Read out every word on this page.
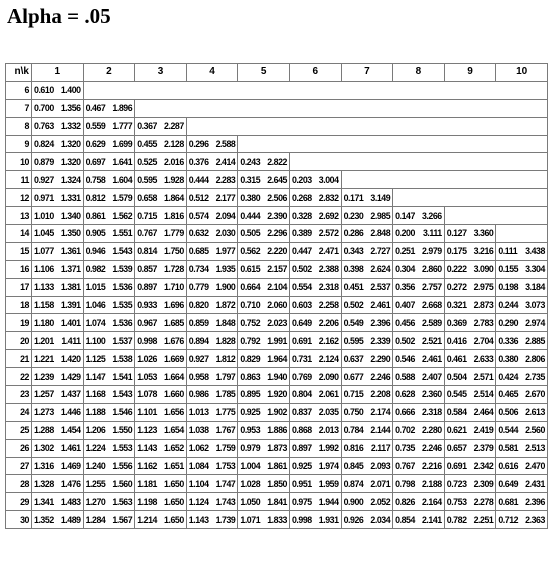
Alpha = .05
n\k	1		2		3		4		5		6		7		8		9		10	
6	0.610	1.400																		
7	0.700	1.356	0.467	1.896																
8	0.763	1.332	0.559	1.777	0.367	2.287														
9	0.824	1.320	0.629	1.699	0.455	2.128	0.296	2.588												
10	0.879	1.320	0.697	1.641	0.525	2.016	0.376	2.414	0.243	2.822										
11	0.927	1.324	0.758	1.604	0.595	1.928	0.444	2.283	0.315	2.645	0.203	3.004								
12	0.971	1.331	0.812	1.579	0.658	1.864	0.512	2.177	0.380	2.506	0.268	2.832	0.171	3.149						
13	1.010	1.340	0.861	1.562	0.715	1.816	0.574	2.094	0.444	2.390	0.328	2.692	0.230	2.985	0.147	3.266				
14	1.045	1.350	0.905	1.551	0.767	1.779	0.632	2.030	0.505	2.296	0.389	2.572	0.286	2.848	0.200	3.111	0.127	3.360		
15	1.077	1.361	0.946	1.543	0.814	1.750	0.685	1.977	0.562	2.220	0.447	2.471	0.343	2.727	0.251	2.979	0.175	3.216	0.111	3.438
16	1.106	1.371	0.982	1.539	0.857	1.728	0.734	1.935	0.615	2.157	0.502	2.388	0.398	2.624	0.304	2.860	0.222	3.090	0.155	3.304
17	1.133	1.381	1.015	1.536	0.897	1.710	0.779	1.900	0.664	2.104	0.554	2.318	0.451	2.537	0.356	2.757	0.272	2.975	0.198	3.184
18	1.158	1.391	1.046	1.535	0.933	1.696	0.820	1.872	0.710	2.060	0.603	2.258	0.502	2.461	0.407	2.668	0.321	2.873	0.244	3.073
19	1.180	1.401	1.074	1.536	0.967	1.685	0.859	1.848	0.752	2.023	0.649	2.206	0.549	2.396	0.456	2.589	0.369	2.783	0.290	2.974
20	1.201	1.411	1.100	1.537	0.998	1.676	0.894	1.828	0.792	1.991	0.691	2.162	0.595	2.339	0.502	2.521	0.416	2.704	0.336	2.885
21	1.221	1.420	1.125	1.538	1.026	1.669	0.927	1.812	0.829	1.964	0.731	2.124	0.637	2.290	0.546	2.461	0.461	2.633	0.380	2.806
22	1.239	1.429	1.147	1.541	1.053	1.664	0.958	1.797	0.863	1.940	0.769	2.090	0.677	2.246	0.588	2.407	0.504	2.571	0.424	2.735
23	1.257	1.437	1.168	1.543	1.078	1.660	0.986	1.785	0.895	1.920	0.804	2.061	0.715	2.208	0.628	2.360	0.545	2.514	0.465	2.670
24	1.273	1.446	1.188	1.546	1.101	1.656	1.013	1.775	0.925	1.902	0.837	2.035	0.750	2.174	0.666	2.318	0.584	2.464	0.506	2.613
25	1.288	1.454	1.206	1.550	1.123	1.654	1.038	1.767	0.953	1.886	0.868	2.013	0.784	2.144	0.702	2.280	0.621	2.419	0.544	2.560
26	1.302	1.461	1.224	1.553	1.143	1.652	1.062	1.759	0.979	1.873	0.897	1.992	0.816	2.117	0.735	2.246	0.657	2.379	0.581	2.513
27	1.316	1.469	1.240	1.556	1.162	1.651	1.084	1.753	1.004	1.861	0.925	1.974	0.845	2.093	0.767	2.216	0.691	2.342	0.616	2.470
28	1.328	1.476	1.255	1.560	1.181	1.650	1.104	1.747	1.028	1.850	0.951	1.959	0.874	2.071	0.798	2.188	0.723	2.309	0.649	2.431
29	1.341	1.483	1.270	1.563	1.198	1.650	1.124	1.743	1.050	1.841	0.975	1.944	0.900	2.052	0.826	2.164	0.753	2.278	0.681	2.396
30	1.352	1.489	1.284	1.567	1.214	1.650	1.143	1.739	1.071	1.833	0.998	1.931	0.926	2.034	0.854	2.141	0.782	2.251	0.712	2.363
